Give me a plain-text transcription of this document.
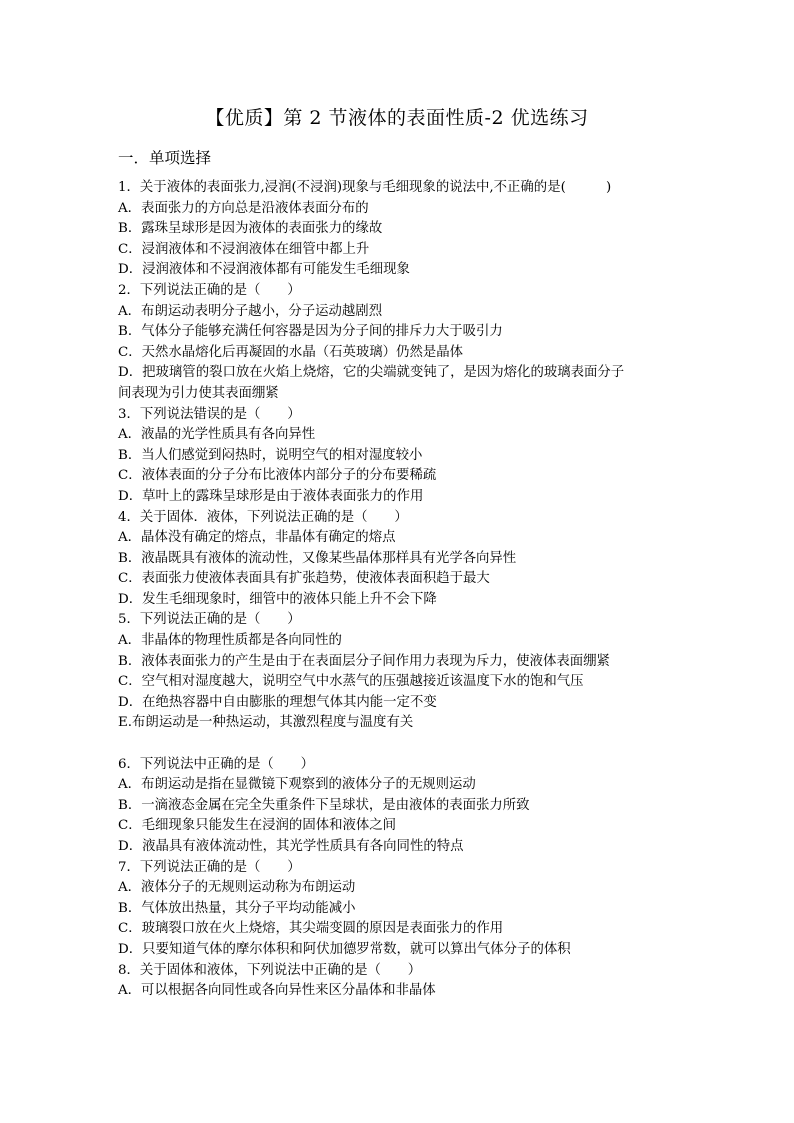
【优质】第 2 节液体的表面性质-2 优选练习
一．单项选择
1．关于液体的表面张力,浸润(不浸润)现象与毛细现象的说法中,不正确的是(　　　)
A．表面张力的方向总是沿液体表面分布的
B．露珠呈球形是因为液体的表面张力的缘故
C．浸润液体和不浸润液体在细管中都上升
D．浸润液体和不浸润液体都有可能发生毛细现象
2．下列说法正确的是（　　）
A．布朗运动表明分子越小，分子运动越剧烈
B．气体分子能够充满任何容器是因为分子间的排斥力大于吸引力
C．天然水晶熔化后再凝固的水晶（石英玻璃）仍然是晶体
D．把玻璃管的裂口放在火焰上烧熔，它的尖端就变钝了，是因为熔化的玻璃表面分子
间表现为引力使其表面绷紧
3．下列说法错误的是（　　）
A．液晶的光学性质具有各向异性
B．当人们感觉到闷热时，说明空气的相对湿度较小
C．液体表面的分子分布比液体内部分子的分布要稀疏
D．草叶上的露珠呈球形是由于液体表面张力的作用
4．关于固体．液体，下列说法正确的是（　　）
A．晶体没有确定的熔点，非晶体有确定的熔点
B．液晶既具有液体的流动性，又像某些晶体那样具有光学各向异性
C．表面张力使液体表面具有扩张趋势，使液体表面积趋于最大
D．发生毛细现象时，细管中的液体只能上升不会下降
5．下列说法正确的是（　　）
A．非晶体的物理性质都是各向同性的
B．液体表面张力的产生是由于在表面层分子间作用力表现为斥力，使液体表面绷紧
C．空气相对湿度越大，说明空气中水蒸气的压强越接近该温度下水的饱和气压
D．在绝热容器中自由膨胀的理想气体其内能一定不变
E.布朗运动是一种热运动，其激烈程度与温度有关
6．下列说法中正确的是（　　）
A．布朗运动是指在显微镜下观察到的液体分子的无规则运动
B．一滴液态金属在完全失重条件下呈球状，是由液体的表面张力所致
C．毛细现象只能发生在浸润的固体和液体之间
D．液晶具有液体流动性，其光学性质具有各向同性的特点
7．下列说法正确的是（　　）
A．液体分子的无规则运动称为布朗运动
B．气体放出热量，其分子平均动能减小
C．玻璃裂口放在火上烧熔，其尖端变圆的原因是表面张力的作用
D．只要知道气体的摩尔体积和阿伏加德罗常数，就可以算出气体分子的体积
8．关于固体和液体，下列说法中正确的是（　　）
A．可以根据各向同性或各向异性来区分晶体和非晶体
